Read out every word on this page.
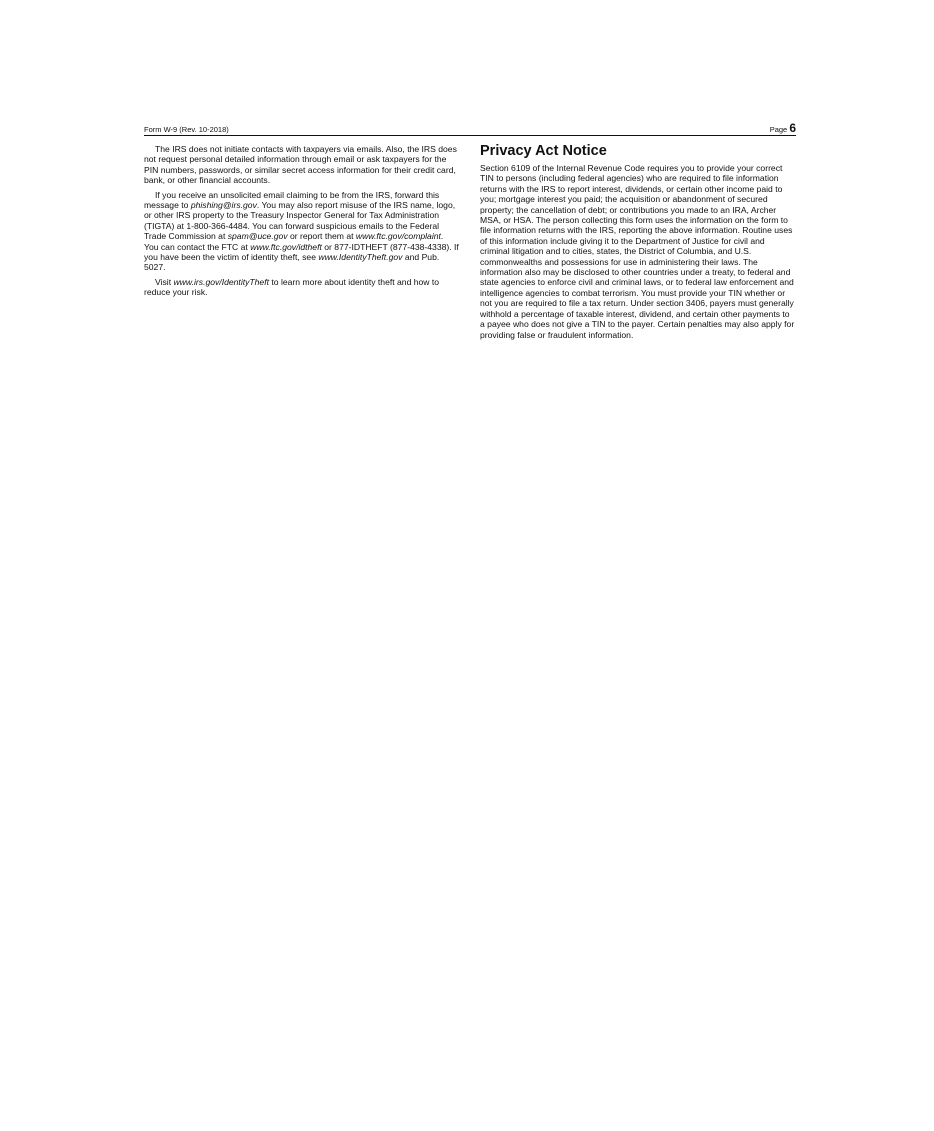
Form W-9 (Rev. 10-2018)	Page 6

The IRS does not initiate contacts with taxpayers via emails. Also, the IRS does not request personal detailed information through email or ask taxpayers for the PIN numbers, passwords, or similar secret access information for their credit card, bank, or other financial accounts.

If you receive an unsolicited email claiming to be from the IRS, forward this message to phishing@irs.gov. You may also report misuse of the IRS name, logo, or other IRS property to the Treasury Inspector General for Tax Administration (TIGTA) at 1-800-366-4484. You can forward suspicious emails to the Federal Trade Commission at spam@uce.gov or report them at www.ftc.gov/complaint. You can contact the FTC at www.ftc.gov/idtheft or 877-IDTHEFT (877-438-4338). If you have been the victim of identity theft, see www.IdentityTheft.gov and Pub. 5027.

Visit www.irs.gov/IdentityTheft to learn more about identity theft and how to reduce your risk.

Privacy Act Notice

Section 6109 of the Internal Revenue Code requires you to provide your correct TIN to persons (including federal agencies) who are required to file information returns with the IRS to report interest, dividends, or certain other income paid to you; mortgage interest you paid; the acquisition or abandonment of secured property; the cancellation of debt; or contributions you made to an IRA, Archer MSA, or HSA. The person collecting this form uses the information on the form to file information returns with the IRS, reporting the above information. Routine uses of this information include giving it to the Department of Justice for civil and criminal litigation and to cities, states, the District of Columbia, and U.S. commonwealths and possessions for use in administering their laws. The information also may be disclosed to other countries under a treaty, to federal and state agencies to enforce civil and criminal laws, or to federal law enforcement and intelligence agencies to combat terrorism. You must provide your TIN whether or not you are required to file a tax return. Under section 3406, payers must generally withhold a percentage of taxable interest, dividend, and certain other payments to a payee who does not give a TIN to the payer. Certain penalties may also apply for providing false or fraudulent information.
